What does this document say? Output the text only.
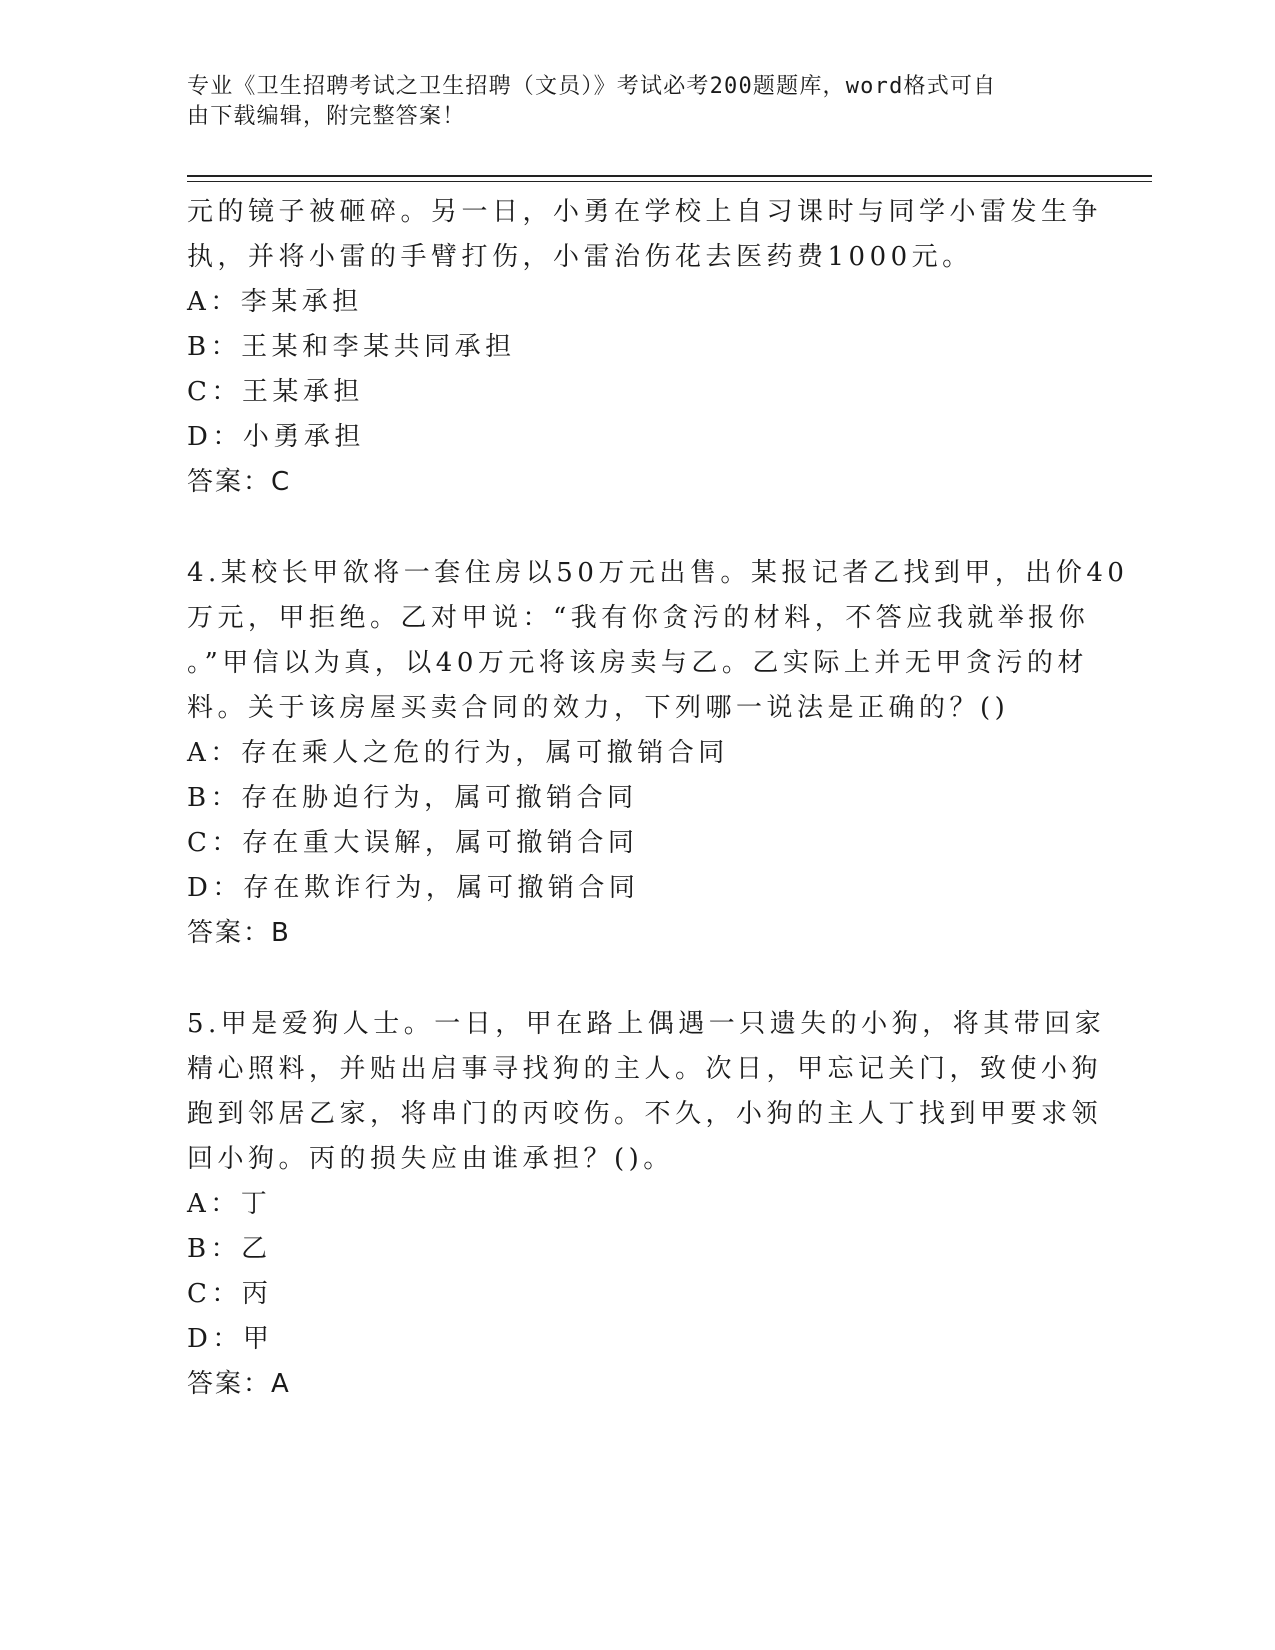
专业《卫生招聘考试之卫生招聘（文员）》考试必考200题题库，word格式可自
由下载编辑，附完整答案！
元的镜子被砸碎。另一日，小勇在学校上自习课时与同学小雷发生争
执，并将小雷的手臂打伤，小雷治伤花去医药费1000元。
A：李某承担
B：王某和李某共同承担
C：王某承担
D：小勇承担
答案：C
4.某校长甲欲将一套住房以50万元出售。某报记者乙找到甲，出价40
万元，甲拒绝。乙对甲说：“我有你贪污的材料，不答应我就举报你
。”甲信以为真，以40万元将该房卖与乙。乙实际上并无甲贪污的材
料。关于该房屋买卖合同的效力，下列哪一说法是正确的？()
A：存在乘人之危的行为，属可撤销合同
B：存在胁迫行为，属可撤销合同
C：存在重大误解，属可撤销合同
D：存在欺诈行为，属可撤销合同
答案：B
5.甲是爱狗人士。一日，甲在路上偶遇一只遗失的小狗，将其带回家
精心照料，并贴出启事寻找狗的主人。次日，甲忘记关门，致使小狗
跑到邻居乙家，将串门的丙咬伤。不久，小狗的主人丁找到甲要求领
回小狗。丙的损失应由谁承担？()。
A：丁
B：乙
C：丙
D：甲
答案：A
